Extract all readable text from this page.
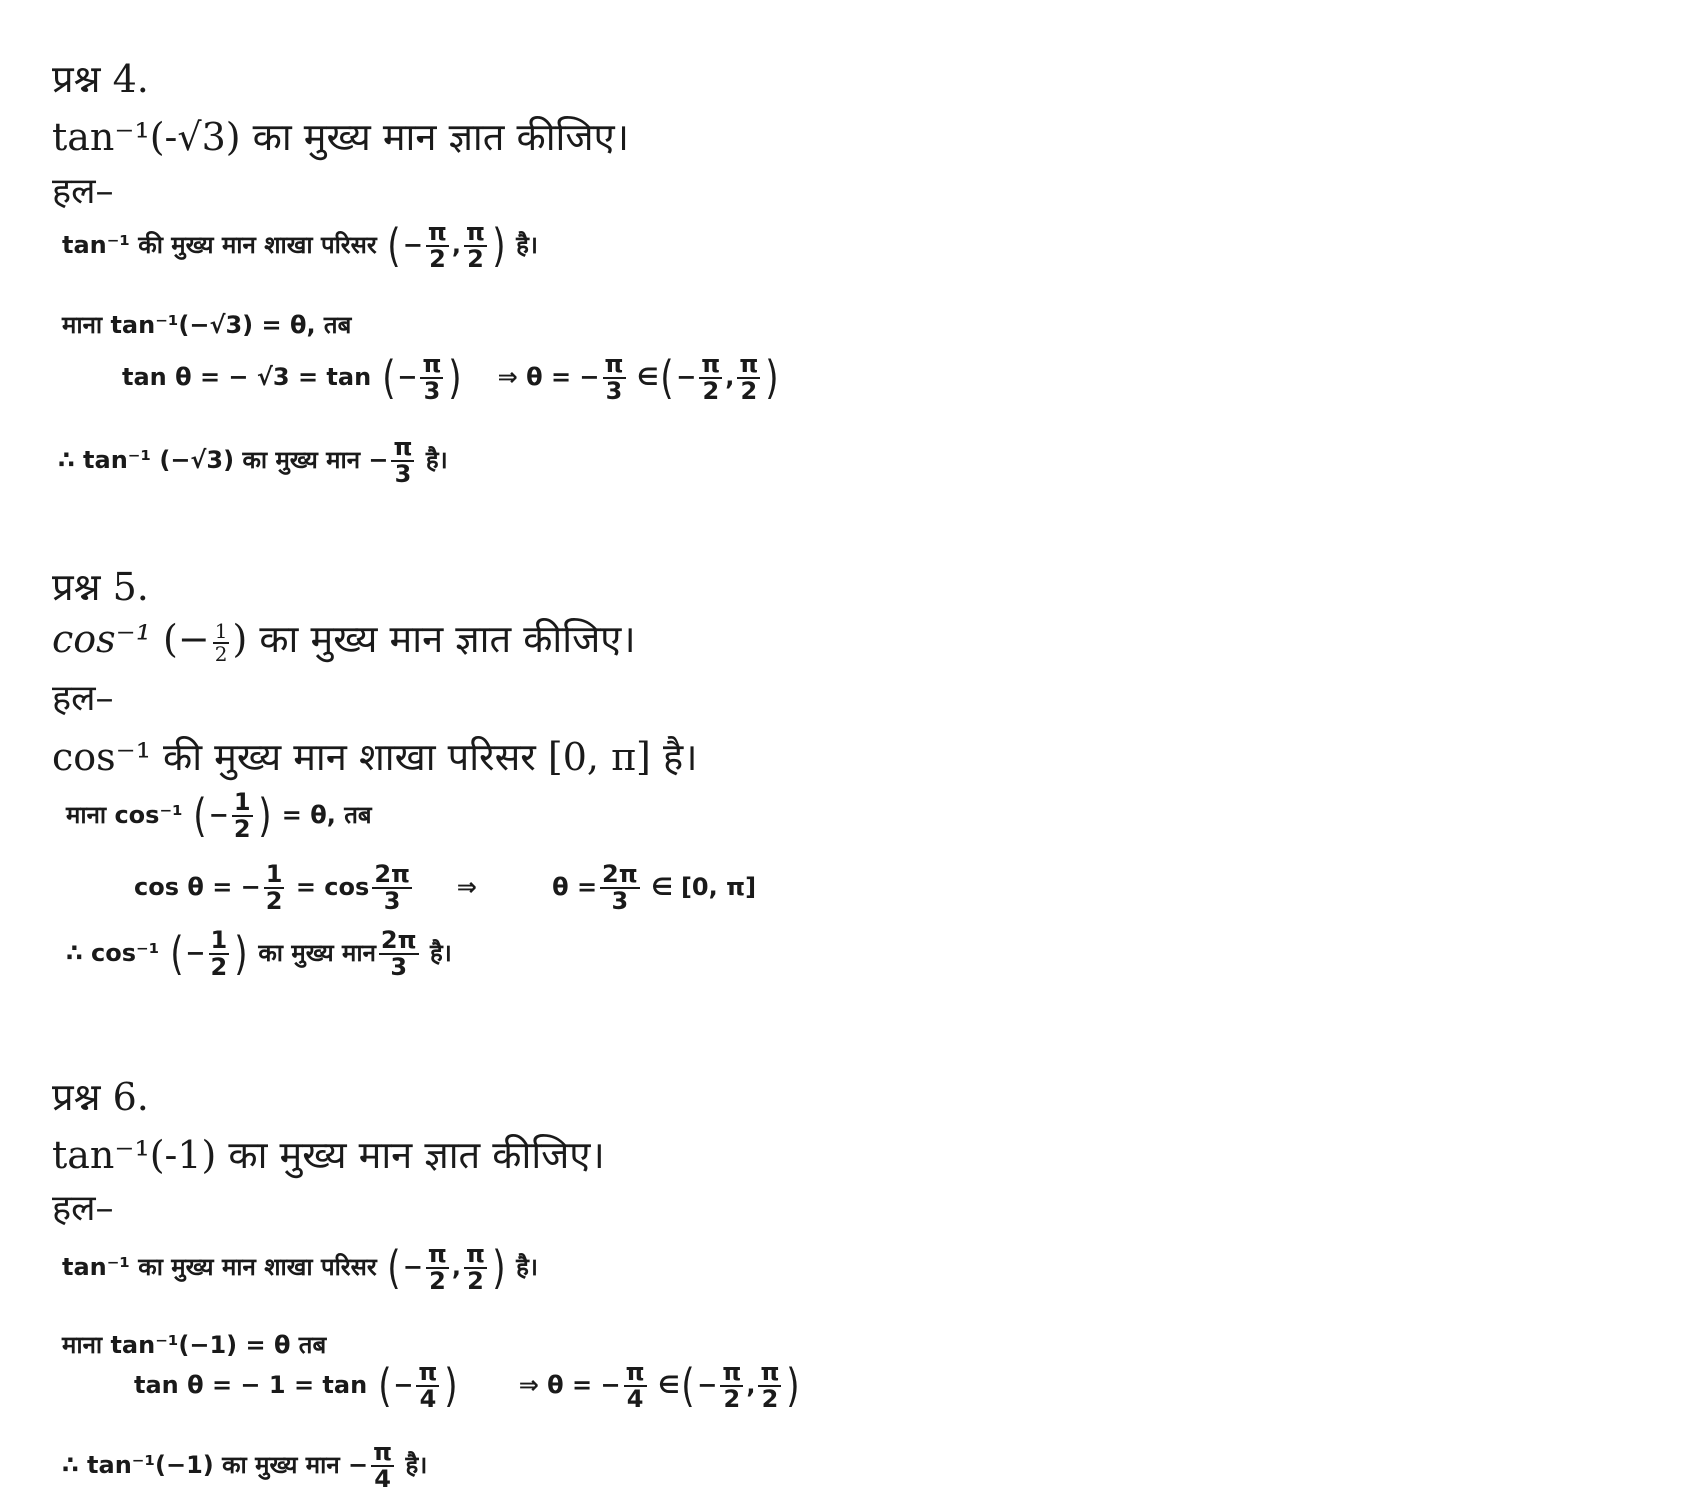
प्रश्न 4.
tan⁻¹(-√3) का मुख्य मान ज्ञात कीजिए।
हल–
tan⁻¹ की मुख्य मान शाखा परिसर (− $\frac{\pi}{2}$ , $\frac{\pi}{2}$ ) है।
माना tan⁻¹(−√3) = θ, तब
tan θ = − √3 = tan (− $\frac{\pi}{3}$ ) ⇒ θ = − $\frac{\pi}{3}$ ∈(− $\frac{\pi}{2}$ , $\frac{\pi}{2}$ )
∴ tan⁻¹ (−√3) का मुख्य मान − $\frac{\pi}{3}$ है।
प्रश्न 5.
cos⁻¹ (− $\frac{1}{2}$ ) का मुख्य मान ज्ञात कीजिए।
हल–
cos⁻¹ की मुख्य मान शाखा परिसर [0, π] है।
माना cos⁻¹ (− $\frac{1}{2}$ ) = θ, तब
cos θ = − $\frac{1}{2} = \cos \frac{2\pi}{3}$ ⇒	$\theta = \frac{2\pi}{3}$ ∈ [0, π]
∴ cos⁻¹ (− $\frac{1}{2}$ ) का मुख्य मान $\frac{2\pi}{3}$ है।
प्रश्न 6.
tan⁻¹(-1) का मुख्य मान ज्ञात कीजिए।
हल–
tan⁻¹ का मुख्य मान शाखा परिसर (− $\frac{\pi}{2}$ , $\frac{\pi}{2}$ ) है।
माना tan⁻¹(−1) = θ तब
tan θ = − 1 = tan (− $\frac{\pi}{4}$ )	⇒ θ = − $\frac{\pi}{4}$ ∈(− $\frac{\pi}{2}$ , $\frac{\pi}{2}$ )
∴ tan⁻¹(−1) का मुख्य मान − $\frac{\pi}{4}$ है।
